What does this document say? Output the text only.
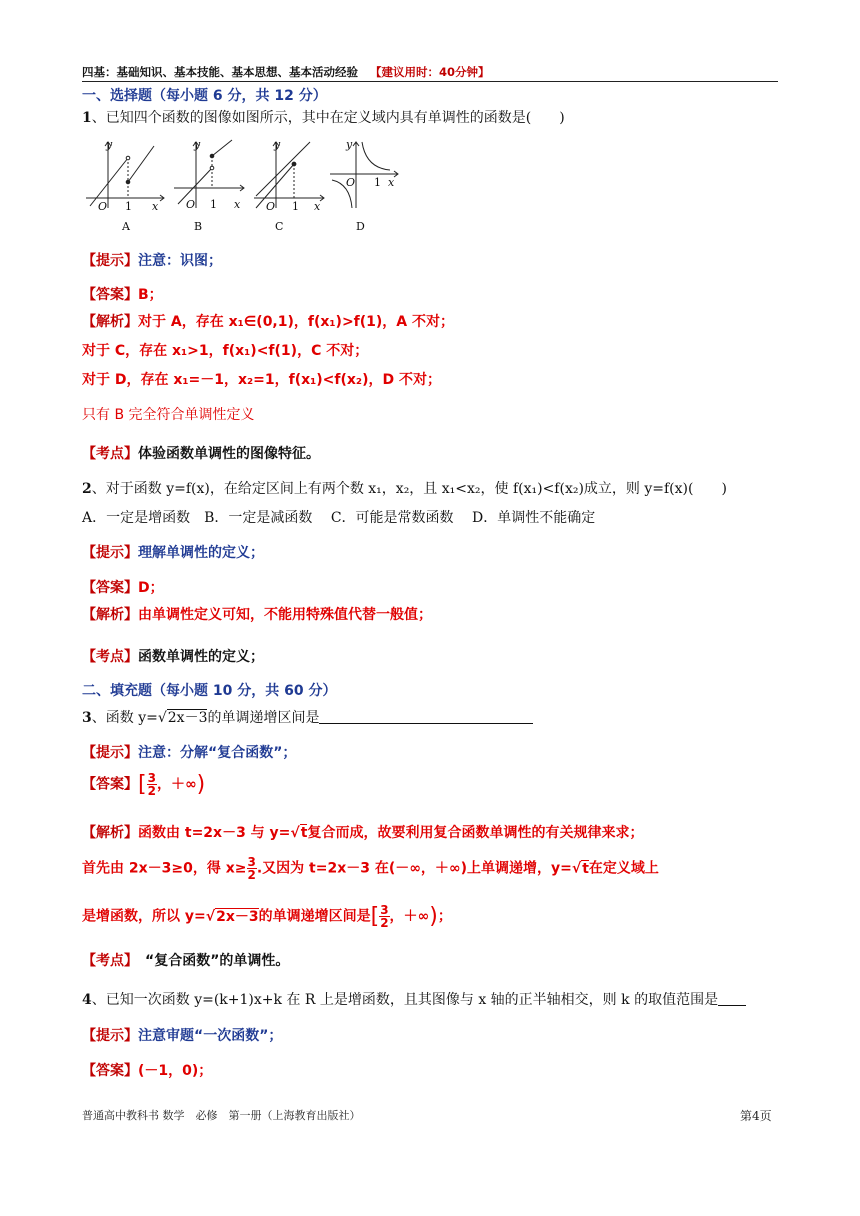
四基：基础知识、基本技能、基本思想、基本活动经验 【建议用时：40分钟】
一、选择题（每小题 6 分，共 12 分）
1、已知四个函数的图像如图所示，其中在定义域内具有单调性的函数是(　　)
y
O 1 x
y
O 1 x
y
O 1 x
y
O 1 x
A	B	C	D
【提示】注意：识图；
【答案】B；
【解析】对于 A，存在 x₁∈(0,1)，f(x₁)>f(1)，A 不对；
对于 C，存在 x₁>1，f(x₁)<f(1)，C 不对；
对于 D，存在 x₁=－1，x₂=1，f(x₁)<f(x₂)，D 不对；
只有 B 完全符合单调性定义
【考点】体验函数单调性的图像特征。
2、对于函数 y=f(x)，在给定区间上有两个数 x₁，x₂，且 x₁<x₂，使 f(x₁)<f(x₂)成立，则 y=f(x)(　　)
A．一定是增函数　B．一定是减函数　 C．可能是常数函数　 D．单调性不能确定
【提示】理解单调性的定义；
【答案】D；
【解析】由单调性定义可知，不能用特殊值代替一般值；
【考点】函数单调性的定义；
二、填充题（每小题 10 分，共 60 分）
3、函数 y=√2x－3的单调递增区间是
【提示】注意：分解“复合函数”；
【答案】[ $\frac{3}{2}$ ，＋∞)
【解析】函数由 t=2x－3 与 y=√t复合而成，故要利用复合函数单调性的有关规律来求；
首先由 2x－3≥0，得 $x\ge \frac{3}{2}$ .又因为 t=2x－3 在(－∞，＋∞)上单调递增，y=√t在定义域上
是增函数，所以 y=√2x－3的单调递增区间是[ $\frac{3}{2}$ ，＋∞)；
【考点】　“复合函数”的单调性。
4、已知一次函数 y=(k+1)x+k 在 R 上是增函数，且其图像与 x 轴的正半轴相交，则 k 的取值范围是
【提示】注意审题“一次函数”；
【答案】(－1，0)；
普通高中教科书 数学　必修　第一册（上海教育出版社）	第4页
